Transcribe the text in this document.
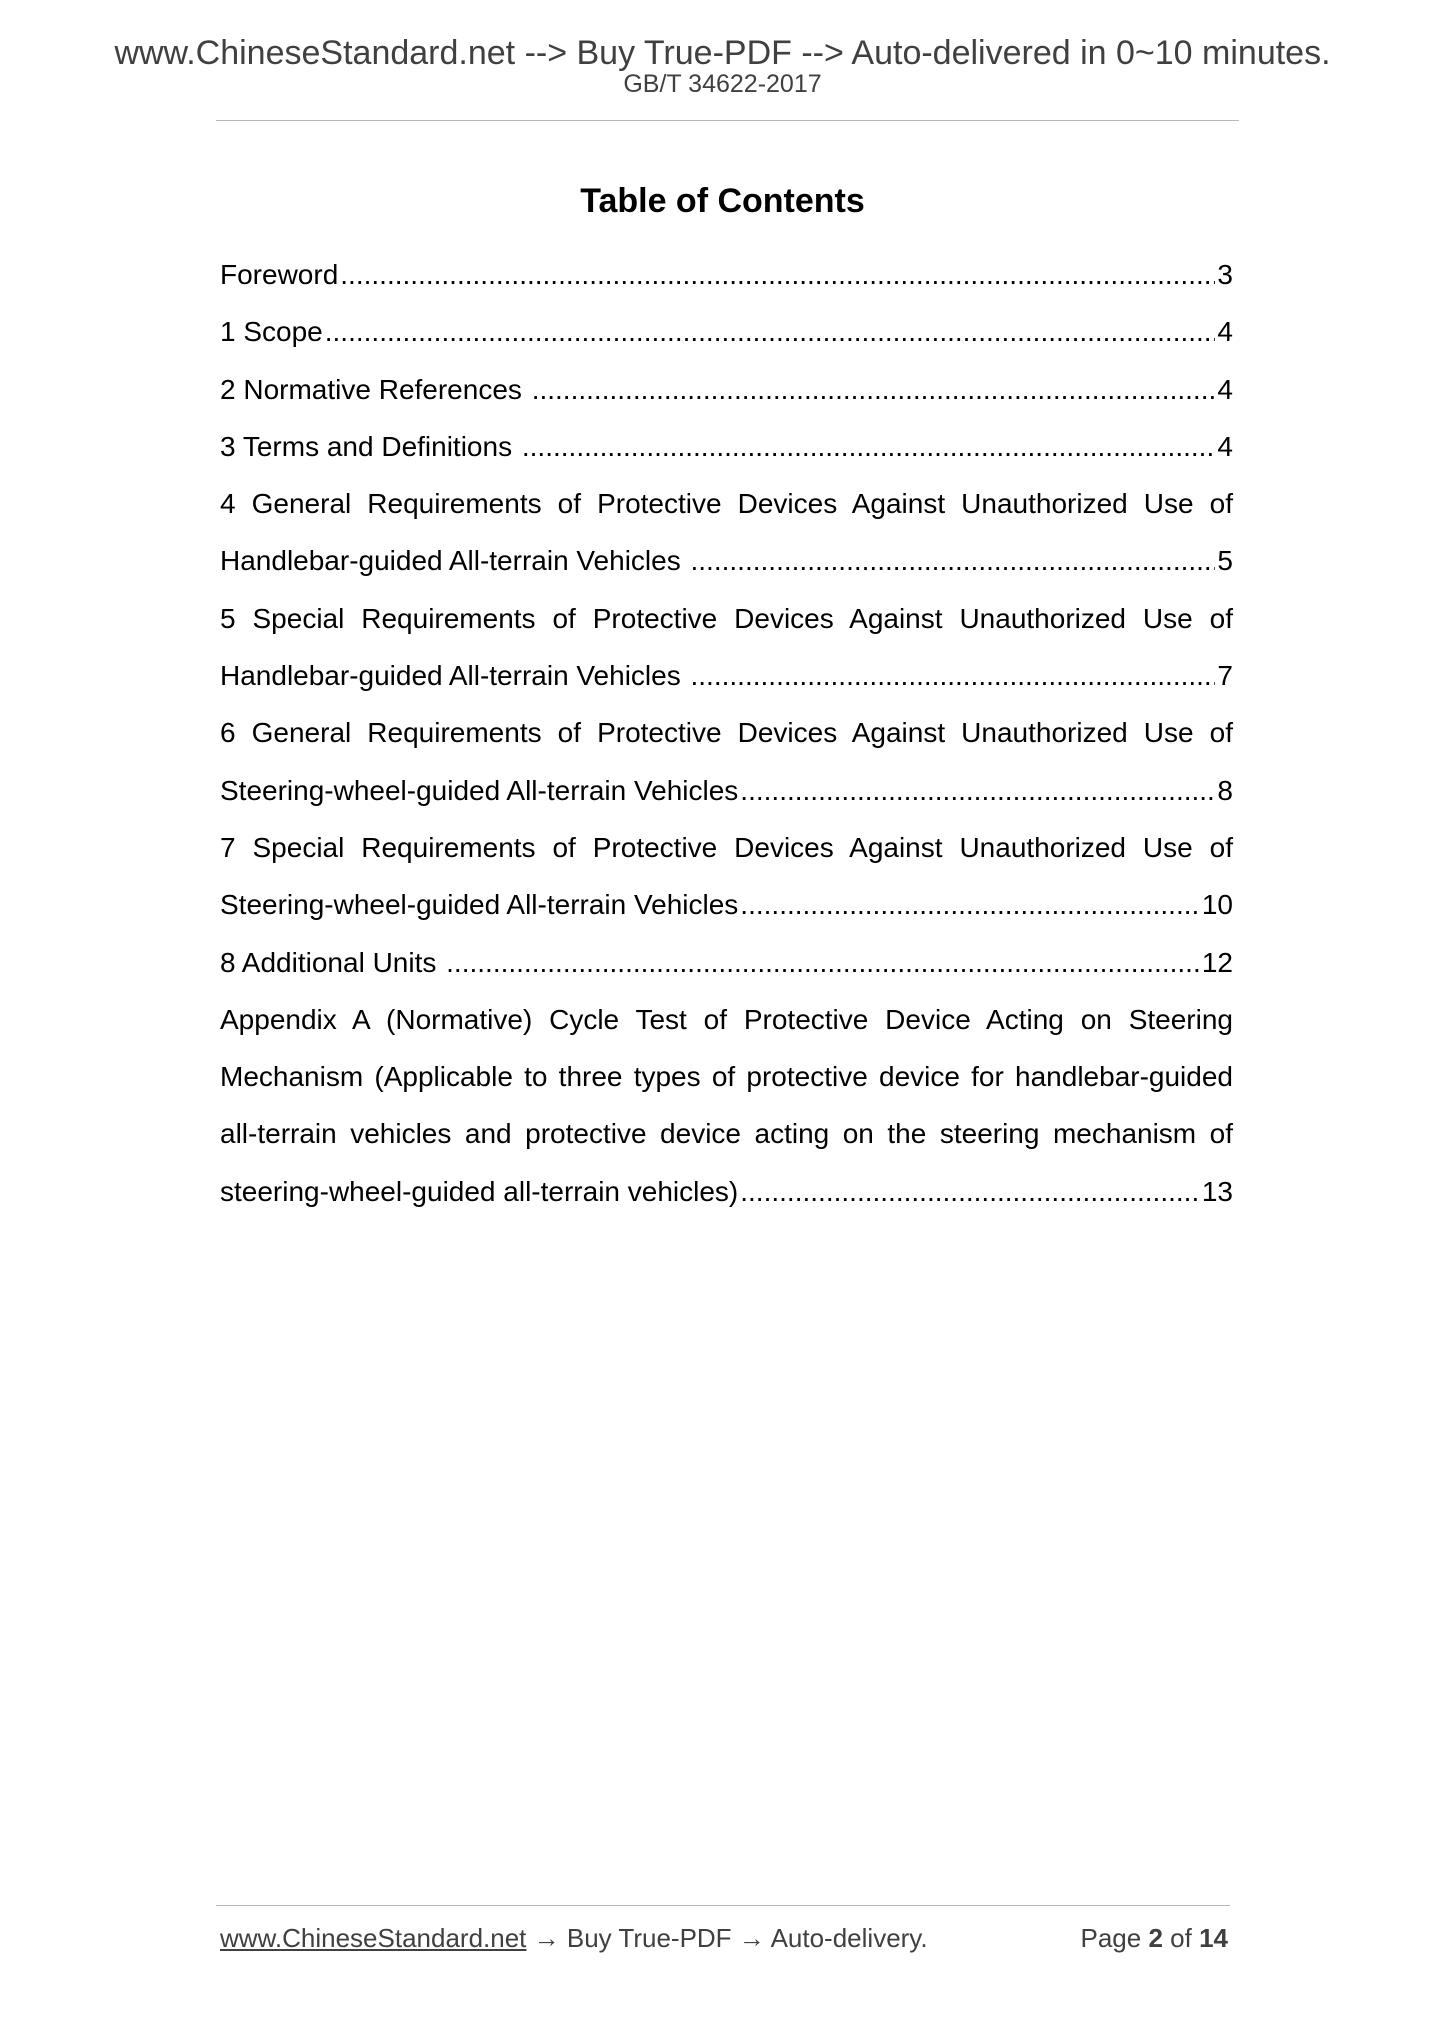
www.ChineseStandard.net --> Buy True-PDF --> Auto-delivered in 0~10 minutes.
GB/T 34622-2017
Table of Contents
Foreword .....	3
1 Scope .....	4
2 Normative References .....	4
3 Terms and Definitions .....	4
4 General Requirements of Protective Devices Against Unauthorized Use of
Handlebar-guided All-terrain Vehicles .....	5
5 Special Requirements of Protective Devices Against Unauthorized Use of
Handlebar-guided All-terrain Vehicles .....	7
6 General Requirements of Protective Devices Against Unauthorized Use of
Steering-wheel-guided All-terrain Vehicles .....	8
7 Special Requirements of Protective Devices Against Unauthorized Use of
Steering-wheel-guided All-terrain Vehicles .....	10
8 Additional Units .....	12
Appendix A (Normative) Cycle Test of Protective Device Acting on Steering Mechanism (Applicable to three types of protective device for handlebar-guided all-terrain vehicles and protective device acting on the steering mechanism of
steering-wheel-guided all-terrain vehicles) .....	13
www.ChineseStandard.net → Buy True-PDF → Auto-delivery.	Page 2 of 14
